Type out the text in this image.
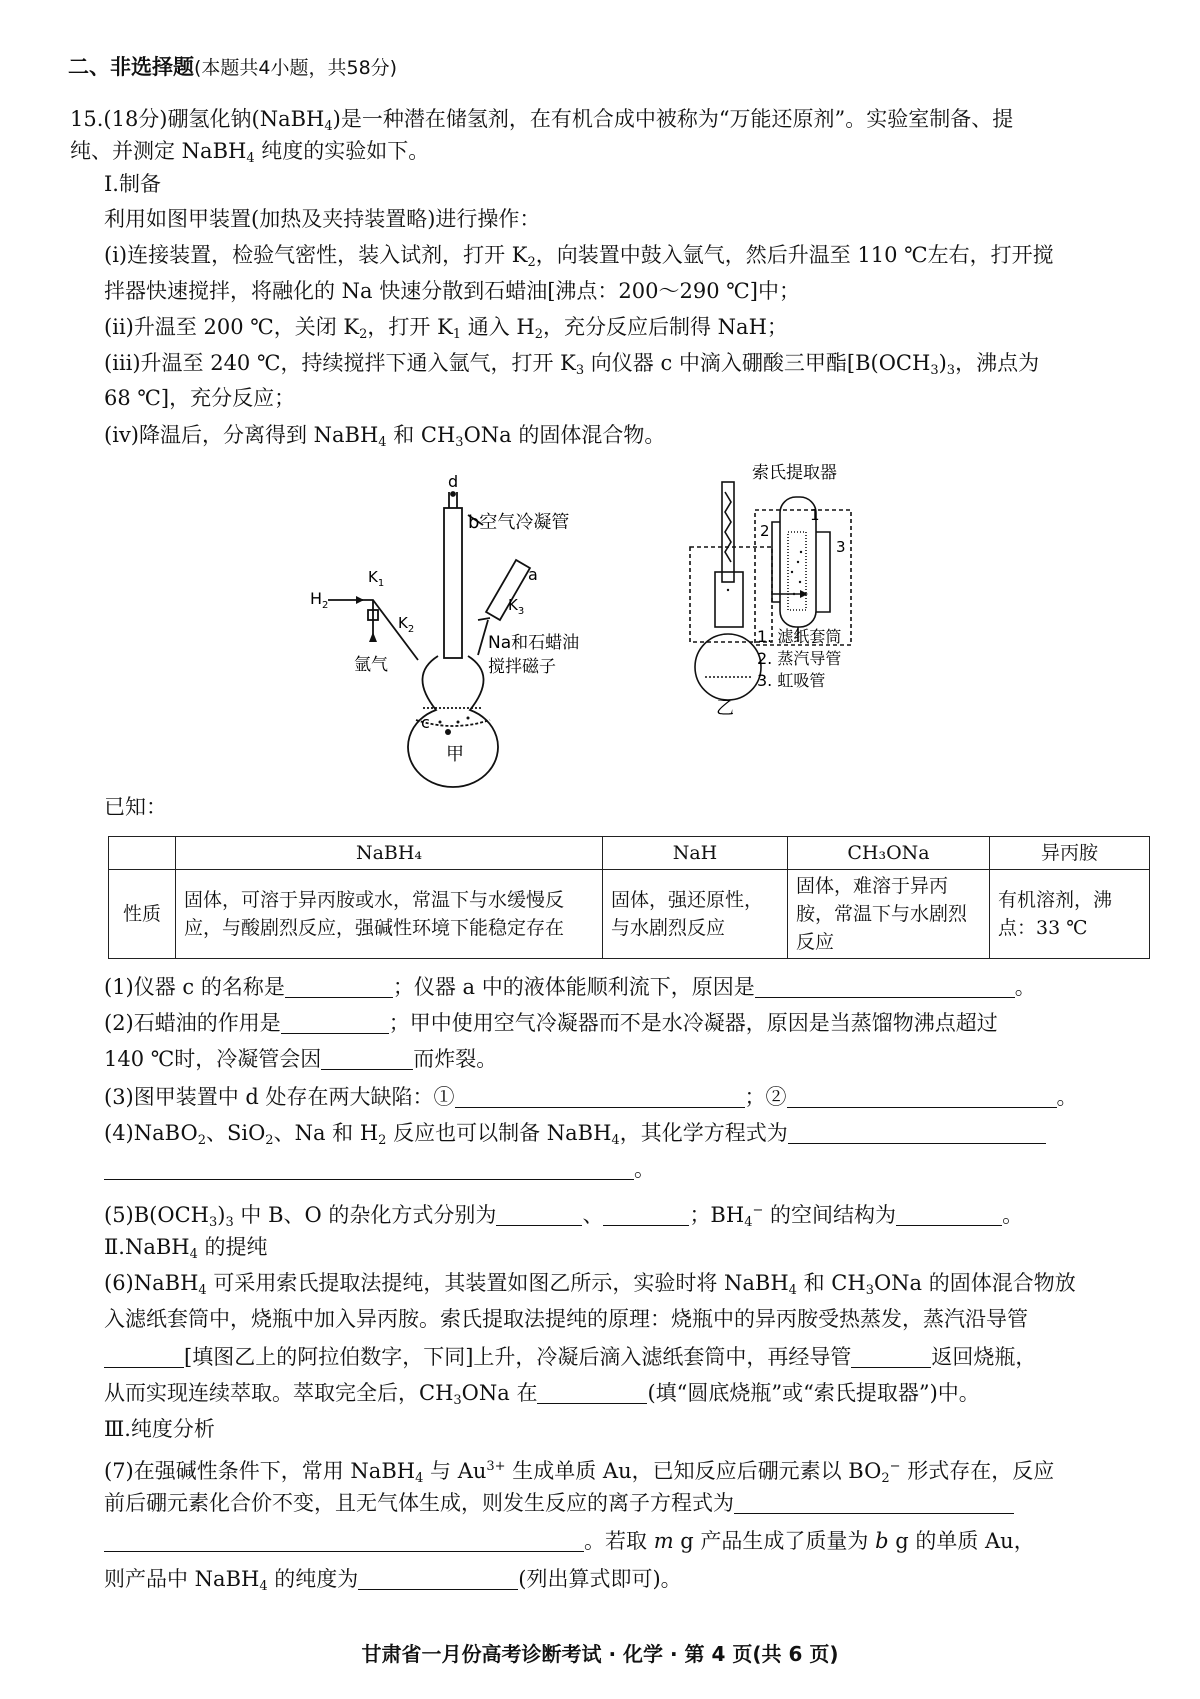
二、非选择题(本题共4小题，共58分)
15.(18分)硼氢化钠(NaBH$_4$)是一种潜在储氢剂，在有机合成中被称为“万能还原剂”。实验室制备、提
纯、并测定 NaBH$_4$ 纯度的实验如下。
Ⅰ.制备
利用如图甲装置(加热及夹持装置略)进行操作：
(ⅰ)连接装置，检验气密性，装入试剂，打开 $K_2$，向装置中鼓入氩气，然后升温至 110 ℃左右，打开搅
拌器快速搅拌，将融化的 Na 快速分散到石蜡油[沸点：200～290 ℃]中；
(ⅱ)升温至 200 ℃，关闭 $K_2$，打开 $K_1$ 通入 $H_2$，充分反应后制得 NaH；
(ⅲ)升温至 240 ℃，持续搅拌下通入氩气，打开 $K_3$ 向仪器 c 中滴入硼酸三甲酯[$B(OCH_3)_3$，沸点为
68 ℃]，充分反应；
(ⅳ)降温后，分离得到 NaBH$_4$ 和 $CH_3ONa$ 的固体混合物。
d
b空气冷凝管
a
$K_3$
$K_1$
$K_2$
$H_2$
氩气
c
Na和石蜡油
搅拌磁子
甲
索氏提取器
1
2
3
1. 滤纸套筒
2. 蒸汽导管
3. 虹吸管
乙
已知：
	NaBH₄	NaH	CH₃ONa	异丙胺
性质	固体，可溶于异丙胺或水，常温下与水缓慢反应，与酸剧烈反应，强碱性环境下能稳定存在	固体，强还原性，与水剧烈反应	固体，难溶于异丙胺，常温下与水剧烈反应	有机溶剂，沸点：33 ℃
(1)仪器 c 的名称是	；仪器 a 中的液体能顺利流下，原因是	。
(2)石蜡油的作用是	；甲中使用空气冷凝器而不是水冷凝器，原因是当蒸馏物沸点超过
140 ℃时，冷凝管会因	而炸裂。
(3)图甲装置中 d 处存在两大缺陷：①	；②	。
(4)NaBO$_2$、SiO$_2$、Na 和 $H_2$ 反应也可以制备 NaBH$_4$，其化学方程式为
。
$(5)B(OCH_3)_3$ 中 B、O 的杂化方式分别为	、	；$BH_4^-$ 的空间结构为	。
Ⅱ.NaBH$_4$ 的提纯
(6)NaBH$_4$ 可采用索氏提取法提纯，其装置如图乙所示，实验时将 NaBH$_4$ 和 $CH_3ONa$ 的固体混合物放
入滤纸套筒中，烧瓶中加入异丙胺。索氏提取法提纯的原理：烧瓶中的异丙胺受热蒸发，蒸汽沿导管
[填图乙上的阿拉伯数字，下同]上升，冷凝后滴入滤纸套筒中，再经导管	返回烧瓶，
从而实现连续萃取。萃取完全后，$CH_3ONa$ 在	(填“圆底烧瓶”或“索氏提取器”)中。
Ⅲ.纯度分析
(7)在强碱性条件下，常用 NaBH$_4$ 与 $Au^{3+}$ 生成单质 Au，已知反应后硼元素以 $BO_2^-$ 形式存在，反应
前后硼元素化合价不变，且无气体生成，则发生反应的离子方程式为
。若取 m g 产品生成了质量为 b g 的单质 Au，
则产品中 NaBH$_4$ 的纯度为	(列出算式即可)。
甘肃省一月份高考诊断考试 · 化学 · 第 4 页(共 6 页)
